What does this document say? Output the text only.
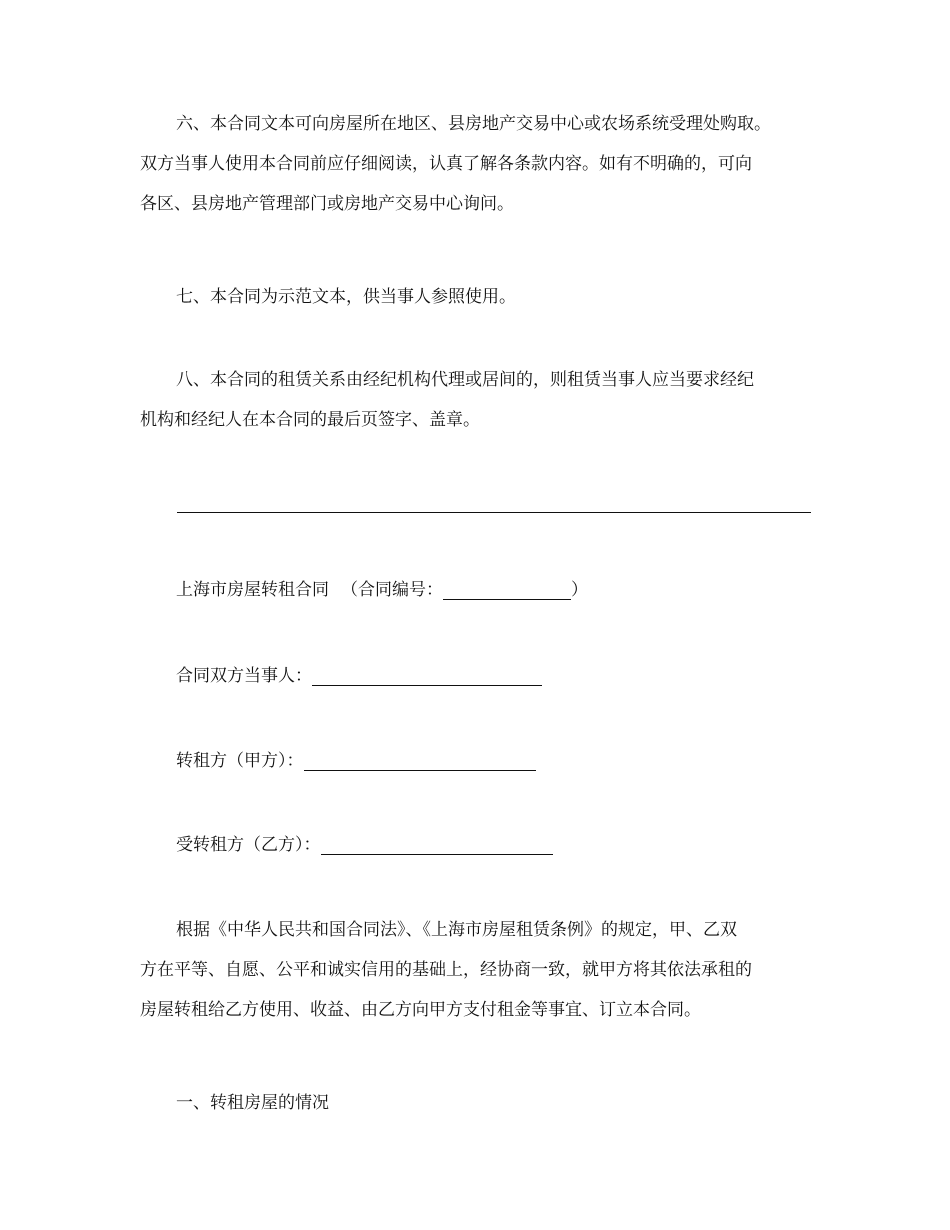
六、本合同文本可向房屋所在地区、县房地产交易中心或农场系统受理处购取。
双方当事人使用本合同前应仔细阅读，认真了解各条款内容。如有不明确的，可向
各区、县房地产管理部门或房地产交易中心询问。
七、本合同为示范文本，供当事人参照使用。
八、本合同的租赁关系由经纪机构代理或居间的，则租赁当事人应当要求经纪
机构和经纪人在本合同的最后页签字、盖章。
上海市房屋转租合同 （合同编号：	）
合同双方当事人：
转租方（甲方）：
受转租方（乙方）：
根据《中华人民共和国合同法》、《上海市房屋租赁条例》的规定，甲、乙双
方在平等、自愿、公平和诚实信用的基础上，经协商一致，就甲方将其依法承租的
房屋转租给乙方使用、收益、由乙方向甲方支付租金等事宜、订立本合同。
一、转租房屋的情况
